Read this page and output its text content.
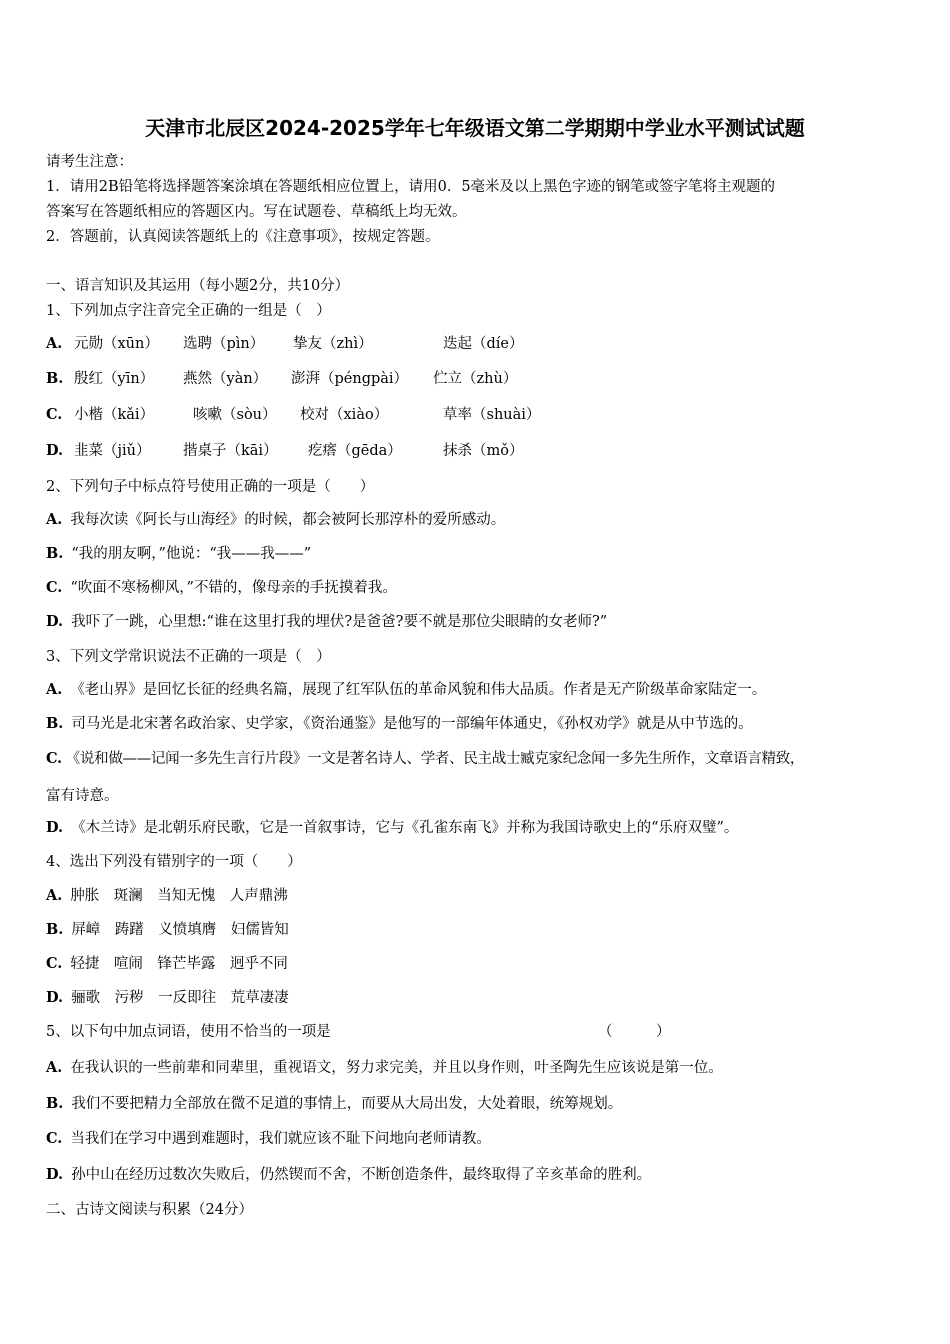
天津市北辰区2024-2025学年七年级语文第二学期期中学业水平测试试题
请考生注意：
1．请用2B铅笔将选择题答案涂填在答题纸相应位置上，请用0．5毫米及以上黑色字迹的钢笔或签字笔将主观题的
答案写在答题纸相应的答题区内。写在试题卷、草稿纸上均无效。
2．答题前，认真阅读答题纸上的《注意事项》，按规定答题。
一、语言知识及其运用（每小题2分，共10分）
1、下列加点字注音完全正确的一组是（　）
A. 元勋（xūn） 选聘（pìn） 挚友（zhì）	迭起（díe）
B. 殷红（yīn） 燕然（yàn） 澎湃（péngpài） 伫立（zhù）
C. 小楷（kǎi）	咳嗽（sòu） 校对（xiào）	草率（shuài）
D. 韭菜（jiǔ） 揩桌子（kāi） 疙瘩（gēda）	抹杀（mǒ）
2、下列句子中标点符号使用正确的一项是（　　）
A. 我每次读《阿长与山海经》的时候，都会被阿长那淳朴的爱所感动。
B. “我的朋友啊，”他说：“我——我——”
C. “吹面不寒杨柳风，”不错的，像母亲的手抚摸着我。
D. 我吓了一跳，心里想:“谁在这里打我的埋伏?是爸爸?要不就是那位尖眼睛的女老师?”
3、下列文学常识说法不正确的一项是（　）
A. 《老山界》是回忆长征的经典名篇，展现了红军队伍的革命风貌和伟大品质。作者是无产阶级革命家陆定一。
B. 司马光是北宋著名政治家、史学家，《资治通鉴》是他写的一部编年体通史，《孙权劝学》就是从中节选的。
C. 《说和做——记闻一多先生言行片段》一文是著名诗人、学者、民主战士臧克家纪念闻一多先生所作，文章语言精致，
富有诗意。
D. 《木兰诗》是北朝乐府民歌，它是一首叙事诗，它与《孔雀东南飞》并称为我国诗歌史上的“乐府双璧”。
4、选出下列没有错别字的一项（　　）
A. 肿胀　斑澜　当知无愧　人声鼎沸
B. 屏嶂　踌躇　义愤填膺　妇儒皆知
C. 轻捷　喧闹　锋芒毕露　迥乎不同
D. 骊歌　污秽　一反即往　荒草凄凄
5、以下句中加点词语，使用不恰当的一项是	（　　　）
A. 在我认识的一些前辈和同辈里，重视语文，努力求完美，并且以身作则，叶圣陶先生应该说是第一位。
B. 我们不要把精力全部放在微不足道的事情上，而要从大局出发，大处着眼，统筹规划。
C. 当我们在学习中遇到难题时，我们就应该不耻下问地向老师请教。
D. 孙中山在经历过数次失败后，仍然锲而不舍，不断创造条件，最终取得了辛亥革命的胜利。
二、古诗文阅读与积累（24分）
